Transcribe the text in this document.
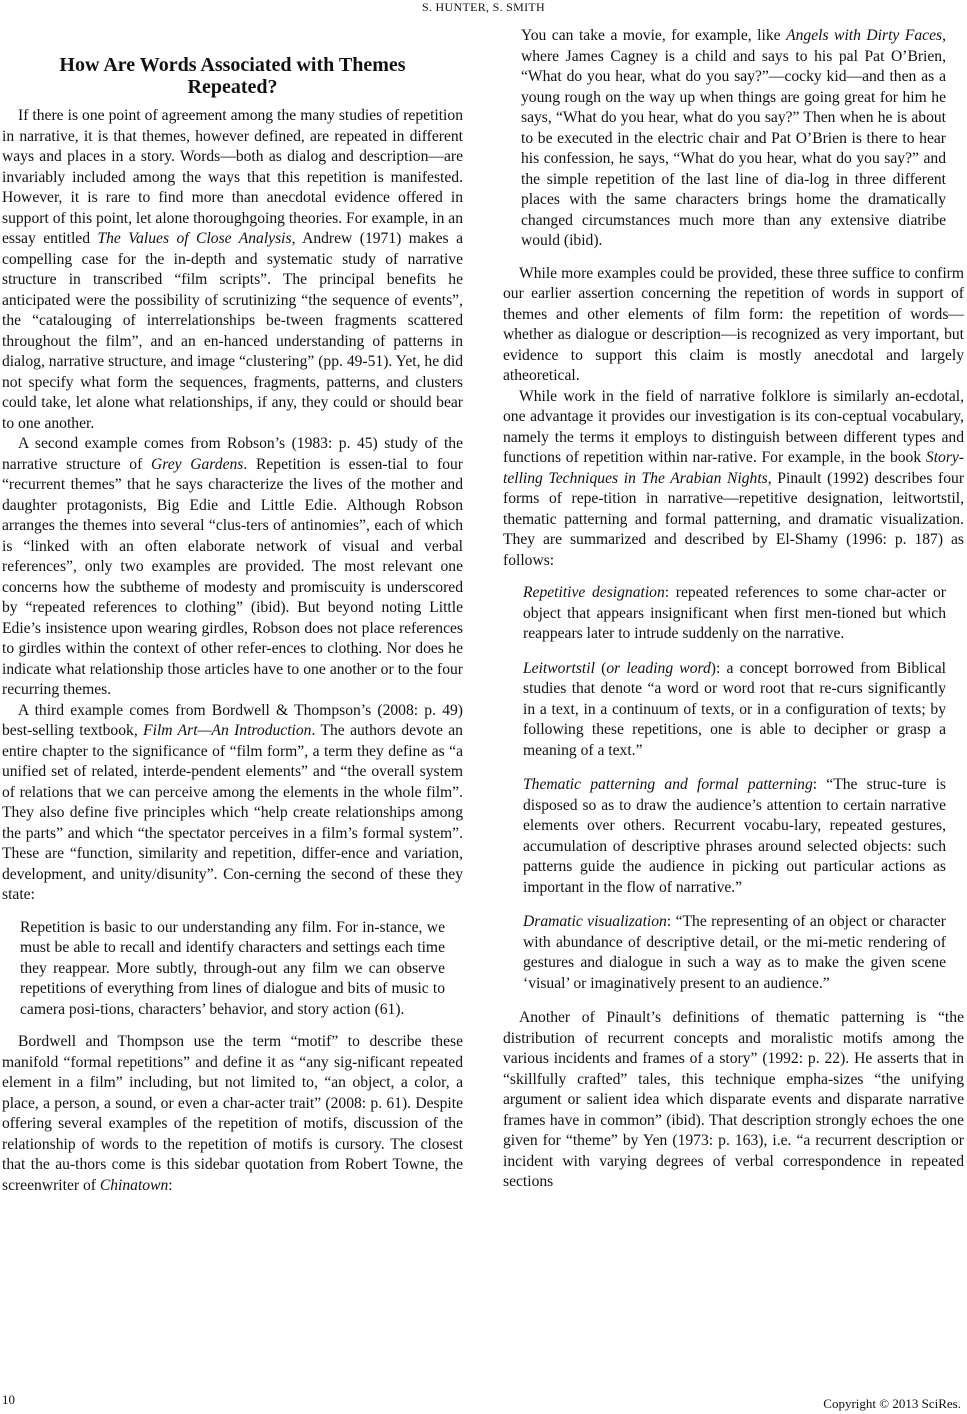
S. HUNTER, S. SMITH
How Are Words Associated with Themes Repeated?

If there is one point of agreement among the many studies of repetition in narrative, it is that themes, however defined, are repeated in different ways and places in a story. Words—both as dialog and description—are invariably included among the ways that this repetition is manifested. However, it is rare to find more than anecdotal evidence offered in support of this point, let alone thoroughgoing theories. For example, in an essay entitled The Values of Close Analysis, Andrew (1971) makes a compelling case for the in-depth and systematic study of narrative structure in transcribed “film scripts”. The principal benefits he anticipated were the possibility of scrutinizing “the sequence of events”, the “catalouging of interrelationships be-tween fragments scattered throughout the film”, and an en-hanced understanding of patterns in dialog, narrative structure, and image “clustering” (pp. 49-51). Yet, he did not specify what form the sequences, fragments, patterns, and clusters could take, let alone what relationships, if any, they could or should bear to one another.

A second example comes from Robson’s (1983: p. 45) study of the narrative structure of Grey Gardens. Repetition is essen-tial to four “recurrent themes” that he says characterize the lives of the mother and daughter protagonists, Big Edie and Little Edie. Although Robson arranges the themes into several “clus-ters of antinomies”, each of which is “linked with an often elaborate network of visual and verbal references”, only two examples are provided. The most relevant one concerns how the subtheme of modesty and promiscuity is underscored by “repeated references to clothing” (ibid). But beyond noting Little Edie’s insistence upon wearing girdles, Robson does not place references to girdles within the context of other refer-ences to clothing. Nor does he indicate what relationship those articles have to one another or to the four recurring themes.

A third example comes from Bordwell & Thompson’s (2008: p. 49) best-selling textbook, Film Art—An Introduction. The authors devote an entire chapter to the significance of “film form”, a term they define as “a unified set of related, interde-pendent elements” and “the overall system of relations that we can perceive among the elements in the whole film”. They also define five principles which “help create relationships among the parts” and which “the spectator perceives in a film’s formal system”. These are “function, similarity and repetition, differ-ence and variation, development, and unity/disunity”. Con-cerning the second of these they state:

Repetition is basic to our understanding any film. For in-stance, we must be able to recall and identify characters and settings each time they reappear. More subtly, through-out any film we can observe repetitions of everything from lines of dialogue and bits of music to camera posi-tions, characters’ behavior, and story action (61).

Bordwell and Thompson use the term “motif” to describe these manifold “formal repetitions” and define it as “any sig-nificant repeated element in a film” including, but not limited to, “an object, a color, a place, a person, a sound, or even a char-acter trait” (2008: p. 61). Despite offering several examples of the repetition of motifs, discussion of the relationship of words to the repetition of motifs is cursory. The closest that the au-thors come is this sidebar quotation from Robert Towne, the screenwriter of Chinatown:

You can take a movie, for example, like Angels with Dirty Faces, where James Cagney is a child and says to his pal Pat O’Brien, “What do you hear, what do you say?”—cocky kid—and then as a young rough on the way up when things are going great for him he says, “What do you hear, what do you say?” Then when he is about to be executed in the electric chair and Pat O’Brien is there to hear his confession, he says, “What do you hear, what do you say?” and the simple repetition of the last line of dia-log in three different places with the same characters brings home the dramatically changed circumstances much more than any extensive diatribe would (ibid).

While more examples could be provided, these three suffice to confirm our earlier assertion concerning the repetition of words in support of themes and other elements of film form: the repetition of words—whether as dialogue or description—is recognized as very important, but evidence to support this claim is mostly anecdotal and largely atheoretical.

While work in the field of narrative folklore is similarly an-ecdotal, one advantage it provides our investigation is its con-ceptual vocabulary, namely the terms it employs to distinguish between different types and functions of repetition within nar-rative. For example, in the book Story-telling Techniques in The Arabian Nights, Pinault (1992) describes four forms of repe-tition in narrative—repetitive designation, leitwortstil, thematic patterning and formal patterning, and dramatic visualization. They are summarized and described by El-Shamy (1996: p. 187) as follows:

Repetitive designation: repeated references to some char-acter or object that appears insignificant when first men-tioned but which reappears later to intrude suddenly on the narrative.
Leitwortstil (or leading word): a concept borrowed from Biblical studies that denote “a word or word root that re-curs significantly in a text, in a continuum of texts, or in a configuration of texts; by following these repetitions, one is able to decipher or grasp a meaning of a text.”
Thematic patterning and formal patterning: “The struc-ture is disposed so as to draw the audience’s attention to certain narrative elements over others. Recurrent vocabu-lary, repeated gestures, accumulation of descriptive phrases around selected objects: such patterns guide the audience in picking out particular actions as important in the flow of narrative.”
Dramatic visualization: “The representing of an object or character with abundance of descriptive detail, or the mi-metic rendering of gestures and dialogue in such a way as to make the given scene ‘visual’ or imaginatively present to an audience.”

Another of Pinault’s definitions of thematic patterning is “the distribution of recurrent concepts and moralistic motifs among the various incidents and frames of a story” (1992: p. 22). He asserts that in “skillfully crafted” tales, this technique empha-sizes “the unifying argument or salient idea which disparate events and disparate narrative frames have in common” (ibid). That description strongly echoes the one given for “theme” by Yen (1973: p. 163), i.e. “a recurrent description or incident with varying degrees of verbal correspondence in repeated sections

10	Copyright © 2013 SciRes.
